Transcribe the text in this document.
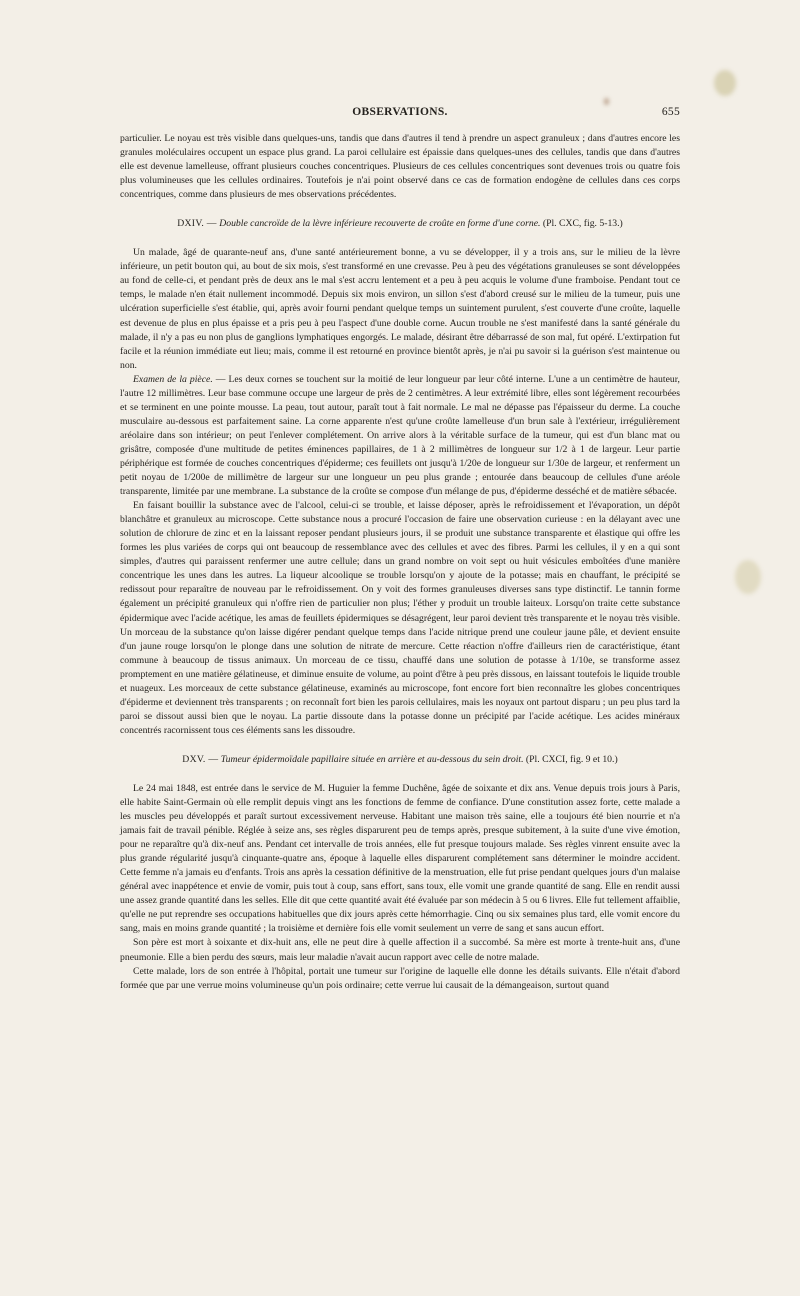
OBSERVATIONS.	655

particulier. Le noyau est très visible dans quelques-uns, tandis que dans d'autres il tend à prendre un aspect granuleux ; dans d'autres encore les granules moléculaires occupent un espace plus grand. La paroi cellulaire est épaissie dans quelques-unes des cellules, tandis que dans d'autres elle est devenue lamelleuse, offrant plusieurs couches concentriques. Plusieurs de ces cellules concentriques sont devenues trois ou quatre fois plus volumineuses que les cellules ordinaires. Toutefois je n'ai point observé dans ce cas de formation endogène de cellules dans ces corps concentriques, comme dans plusieurs de mes observations précédentes.

DXIV. — Double cancroïde de la lèvre inférieure recouverte de croûte en forme d'une corne. (Pl. CXC, fig. 5-13.)

Un malade, âgé de quarante-neuf ans, d'une santé antérieurement bonne, a vu se développer, il y a trois ans, sur le milieu de la lèvre inférieure, un petit bouton qui, au bout de six mois, s'est transformé en une crevasse. Peu à peu des végétations granuleuses se sont développées au fond de celle-ci, et pendant près de deux ans le mal s'est accru lentement et a peu à peu acquis le volume d'une framboise. Pendant tout ce temps, le malade n'en était nullement incommodé. Depuis six mois environ, un sillon s'est d'abord creusé sur le milieu de la tumeur, puis une ulcération superficielle s'est établie, qui, après avoir fourni pendant quelque temps un suintement purulent, s'est couverte d'une croûte, laquelle est devenue de plus en plus épaisse et a pris peu à peu l'aspect d'une double corne. Aucun trouble ne s'est manifesté dans la santé générale du malade, il n'y a pas eu non plus de ganglions lymphatiques engorgés. Le malade, désirant être débarrassé de son mal, fut opéré. L'extirpation fut facile et la réunion immédiate eut lieu; mais, comme il est retourné en province bientôt après, je n'ai pu savoir si la guérison s'est maintenue ou non.

Examen de la pièce. — Les deux cornes se touchent sur la moitié de leur longueur par leur côté interne. L'une a un centimètre de hauteur, l'autre 12 millimètres. Leur base commune occupe une largeur de près de 2 centimètres. A leur extrémité libre, elles sont légèrement recourbées et se terminent en une pointe mousse. La peau, tout autour, paraît tout à fait normale. Le mal ne dépasse pas l'épaisseur du derme. La couche musculaire au-dessous est parfaitement saine. La corne apparente n'est qu'une croûte lamelleuse d'un brun sale à l'extérieur, irrégulièrement aréolaire dans son intérieur; on peut l'enlever complétement. On arrive alors à la véritable surface de la tumeur, qui est d'un blanc mat ou grisâtre, composée d'une multitude de petites éminences papillaires, de 1 à 2 millimètres de longueur sur 1/2 à 1 de largeur. Leur partie périphérique est formée de couches concentriques d'épiderme; ces feuillets ont jusqu'à 1/20e de longueur sur 1/30e de largeur, et renferment un petit noyau de 1/200e de millimètre de largeur sur une longueur un peu plus grande ; entourée dans beaucoup de cellules d'une aréole transparente, limitée par une membrane. La substance de la croûte se compose d'un mélange de pus, d'épiderme desséché et de matière sébacée.

En faisant bouillir la substance avec de l'alcool, celui-ci se trouble, et laisse déposer, après le refroidissement et l'évaporation, un dépôt blanchâtre et granuleux au microscope. Cette substance nous a procuré l'occasion de faire une observation curieuse : en la délayant avec une solution de chlorure de zinc et en la laissant reposer pendant plusieurs jours, il se produit une substance transparente et élastique qui offre les formes les plus variées de corps qui ont beaucoup de ressemblance avec des cellules et avec des fibres. Parmi les cellules, il y en a qui sont simples, d'autres qui paraissent renfermer une autre cellule; dans un grand nombre on voit sept ou huit vésicules emboîtées d'une manière concentrique les unes dans les autres. La liqueur alcoolique se trouble lorsqu'on y ajoute de la potasse; mais en chauffant, le précipité se redissout pour reparaître de nouveau par le refroidissement. On y voit des formes granuleuses diverses sans type distinctif. Le tannin forme également un précipité granuleux qui n'offre rien de particulier non plus; l'éther y produit un trouble laiteux. Lorsqu'on traite cette substance épidermique avec l'acide acétique, les amas de feuillets épidermiques se désagrégent, leur paroi devient très transparente et le noyau très visible. Un morceau de la substance qu'on laisse digérer pendant quelque temps dans l'acide nitrique prend une couleur jaune pâle, et devient ensuite d'un jaune rouge lorsqu'on le plonge dans une solution de nitrate de mercure. Cette réaction n'offre d'ailleurs rien de caractéristique, étant commune à beaucoup de tissus animaux. Un morceau de ce tissu, chauffé dans une solution de potasse à 1/10e, se transforme assez promptement en une matière gélatineuse, et diminue ensuite de volume, au point d'être à peu près dissous, en laissant toutefois le liquide trouble et nuageux. Les morceaux de cette substance gélatineuse, examinés au microscope, font encore fort bien reconnaître les globes concentriques d'épiderme et deviennent très transparents ; on reconnaît fort bien les parois cellulaires, mais les noyaux ont partout disparu ; un peu plus tard la paroi se dissout aussi bien que le noyau. La partie dissoute dans la potasse donne un précipité par l'acide acétique. Les acides minéraux concentrés racornissent tous ces éléments sans les dissoudre.

DXV. — Tumeur épidermoïdale papillaire située en arrière et au-dessous du sein droit. (Pl. CXCI, fig. 9 et 10.)

Le 24 mai 1848, est entrée dans le service de M. Huguier la femme Duchêne, âgée de soixante et dix ans. Venue depuis trois jours à Paris, elle habite Saint-Germain où elle remplit depuis vingt ans les fonctions de femme de confiance. D'une constitution assez forte, cette malade a les muscles peu développés et paraît surtout excessivement nerveuse. Habitant une maison très saine, elle a toujours été bien nourrie et n'a jamais fait de travail pénible. Réglée à seize ans, ses règles disparurent peu de temps après, presque subitement, à la suite d'une vive émotion, pour ne reparaître qu'à dix-neuf ans. Pendant cet intervalle de trois années, elle fut presque toujours malade. Ses règles vinrent ensuite avec la plus grande régularité jusqu'à cinquante-quatre ans, époque à laquelle elles disparurent complétement sans déterminer le moindre accident. Cette femme n'a jamais eu d'enfants. Trois ans après la cessation définitive de la menstruation, elle fut prise pendant quelques jours d'un malaise général avec inappétence et envie de vomir, puis tout à coup, sans effort, sans toux, elle vomit une grande quantité de sang. Elle en rendit aussi une assez grande quantité dans les selles. Elle dit que cette quantité avait été évaluée par son médecin à 5 ou 6 livres. Elle fut tellement affaiblie, qu'elle ne put reprendre ses occupations habituelles que dix jours après cette hémorrhagie. Cinq ou six semaines plus tard, elle vomit encore du sang, mais en moins grande quantité ; la troisième et dernière fois elle vomit seulement un verre de sang et sans aucun effort.

Son père est mort à soixante et dix-huit ans, elle ne peut dire à quelle affection il a succombé. Sa mère est morte à trente-huit ans, d'une pneumonie. Elle a bien perdu des sœurs, mais leur maladie n'avait aucun rapport avec celle de notre malade.

Cette malade, lors de son entrée à l'hôpital, portait une tumeur sur l'origine de laquelle elle donne les détails suivants. Elle n'était d'abord formée que par une verrue moins volumineuse qu'un pois ordinaire; cette verrue lui causait de la démangeaison, surtout quand
